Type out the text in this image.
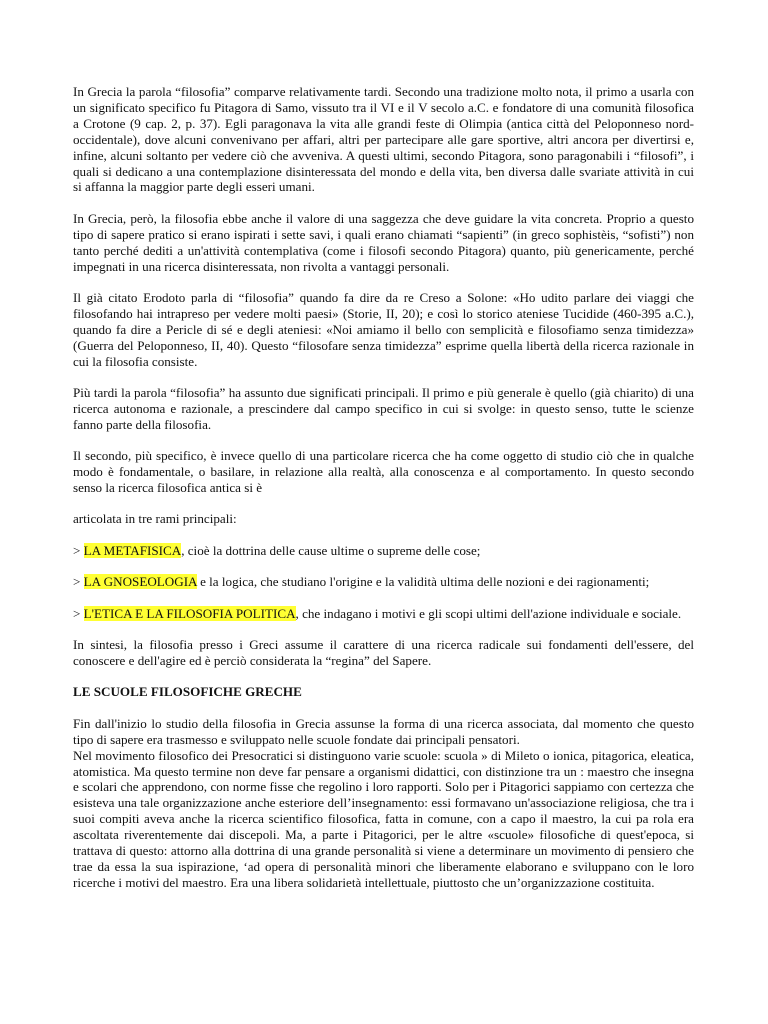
In Grecia la parola “filosofia” comparve relativamente tardi. Secondo una tradizione molto nota, il primo a usarla con un significato specifico fu Pitagora di Samo, vissuto tra il VI e il V secolo a.C. e fondatore di una comunità filosofica a Crotone (9 cap. 2, p. 37). Egli paragonava la vita alle grandi feste di Olimpia (antica città del Peloponneso nord-occidentale), dove alcuni convenivano per affari, altri per partecipare alle gare sportive, altri ancora per divertirsi e, infine, alcuni soltanto per vedere ciò che avveniva. A questi ultimi, secondo Pitagora, sono paragonabili i “filosofi”, i quali si dedicano a una contemplazione disinteressata del mondo e della vita, ben diversa dalle svariate attività in cui si affanna la maggior parte degli esseri umani.

In Grecia, però, la filosofia ebbe anche il valore di una saggezza che deve guidare la vita concreta. Proprio a questo tipo di sapere pratico si erano ispirati i sette savi, i quali erano chiamati “sapienti” (in greco sophistèis, “sofisti”) non tanto perché dediti a un'attività contemplativa (come i filosofi secondo Pitagora) quanto, più genericamente, perché impegnati in una ricerca disinteressata, non rivolta a vantaggi personali.

Il già citato Erodoto parla di “filosofia” quando fa dire da re Creso a Solone: «Ho udito parlare dei viaggi che filosofando hai intrapreso per vedere molti paesi» (Storie, II, 20); e così lo storico ateniese Tucidide (460-395 a.C.), quando fa dire a Pericle di sé e degli ateniesi: «Noi amiamo il bello con semplicità e filosofiamo senza timidezza» (Guerra del Peloponneso, II, 40). Questo “filosofare senza timidezza” esprime quella libertà della ricerca razionale in cui la filosofia consiste.

Più tardi la parola “filosofia” ha assunto due significati principali. Il primo e più generale è quello (già chiarito) di una ricerca autonoma e razionale, a prescindere dal campo specifico in cui si svolge: in questo senso, tutte le scienze fanno parte della filosofia.

Il secondo, più specifico, è invece quello di una particolare ricerca che ha come oggetto di studio ciò che in qualche modo è fondamentale, o basilare, in relazione alla realtà, alla conoscenza e al comportamento. In questo secondo senso la ricerca filosofica antica si è

articolata in tre rami principali:

> LA METAFISICA, cioè la dottrina delle cause ultime o supreme delle cose;

> LA GNOSEOLOGIA e la logica, che studiano l'origine e la validità ultima delle nozioni e dei ragionamenti;

> L'ETICA E LA FILOSOFIA POLITICA, che indagano i motivi e gli scopi ultimi dell'azione individuale e sociale.

In sintesi, la filosofia presso i Greci assume il carattere di una ricerca radicale sui fondamenti dell'essere, del conoscere e dell'agire ed è perciò considerata la “regina” del Sapere.

LE SCUOLE FILOSOFICHE GRECHE

Fin dall'inizio lo studio della filosofia in Grecia assunse la forma di una ricerca associata, dal momento che questo tipo di sapere era trasmesso e sviluppato nelle scuole fondate dai principali pensatori.

Nel movimento filosofico dei Presocratici si distinguono varie scuole: scuola » di Mileto o ionica, pitagorica, eleatica, atomistica. Ma questo termine non deve far pensare a organismi didattici, con distinzione tra un : maestro che insegna e scolari che apprendono, con norme fisse che regolino i loro rapporti. Solo per i Pitagorici sappiamo con certezza che esisteva una tale organizzazione anche esteriore dell’insegnamento: essi formavano un'associazione religiosa, che tra i suoi compiti aveva anche la ricerca scientifico filosofica, fatta in comune, con a capo il maestro, la cui pa rola era ascoltata riverentemente dai discepoli. Ma, a parte i Pitagorici, per le altre «scuole» filosofiche di quest'epoca, si trattava di questo: attorno alla dottrina di una grande personalità si viene a determinare un movimento di pensiero che trae da essa la sua ispirazione, ‘ad opera di personalità minori che liberamente elaborano e sviluppano con le loro ricerche i motivi del maestro. Era una libera solidarietà intellettuale, piuttosto che un’organizzazione costituita.
